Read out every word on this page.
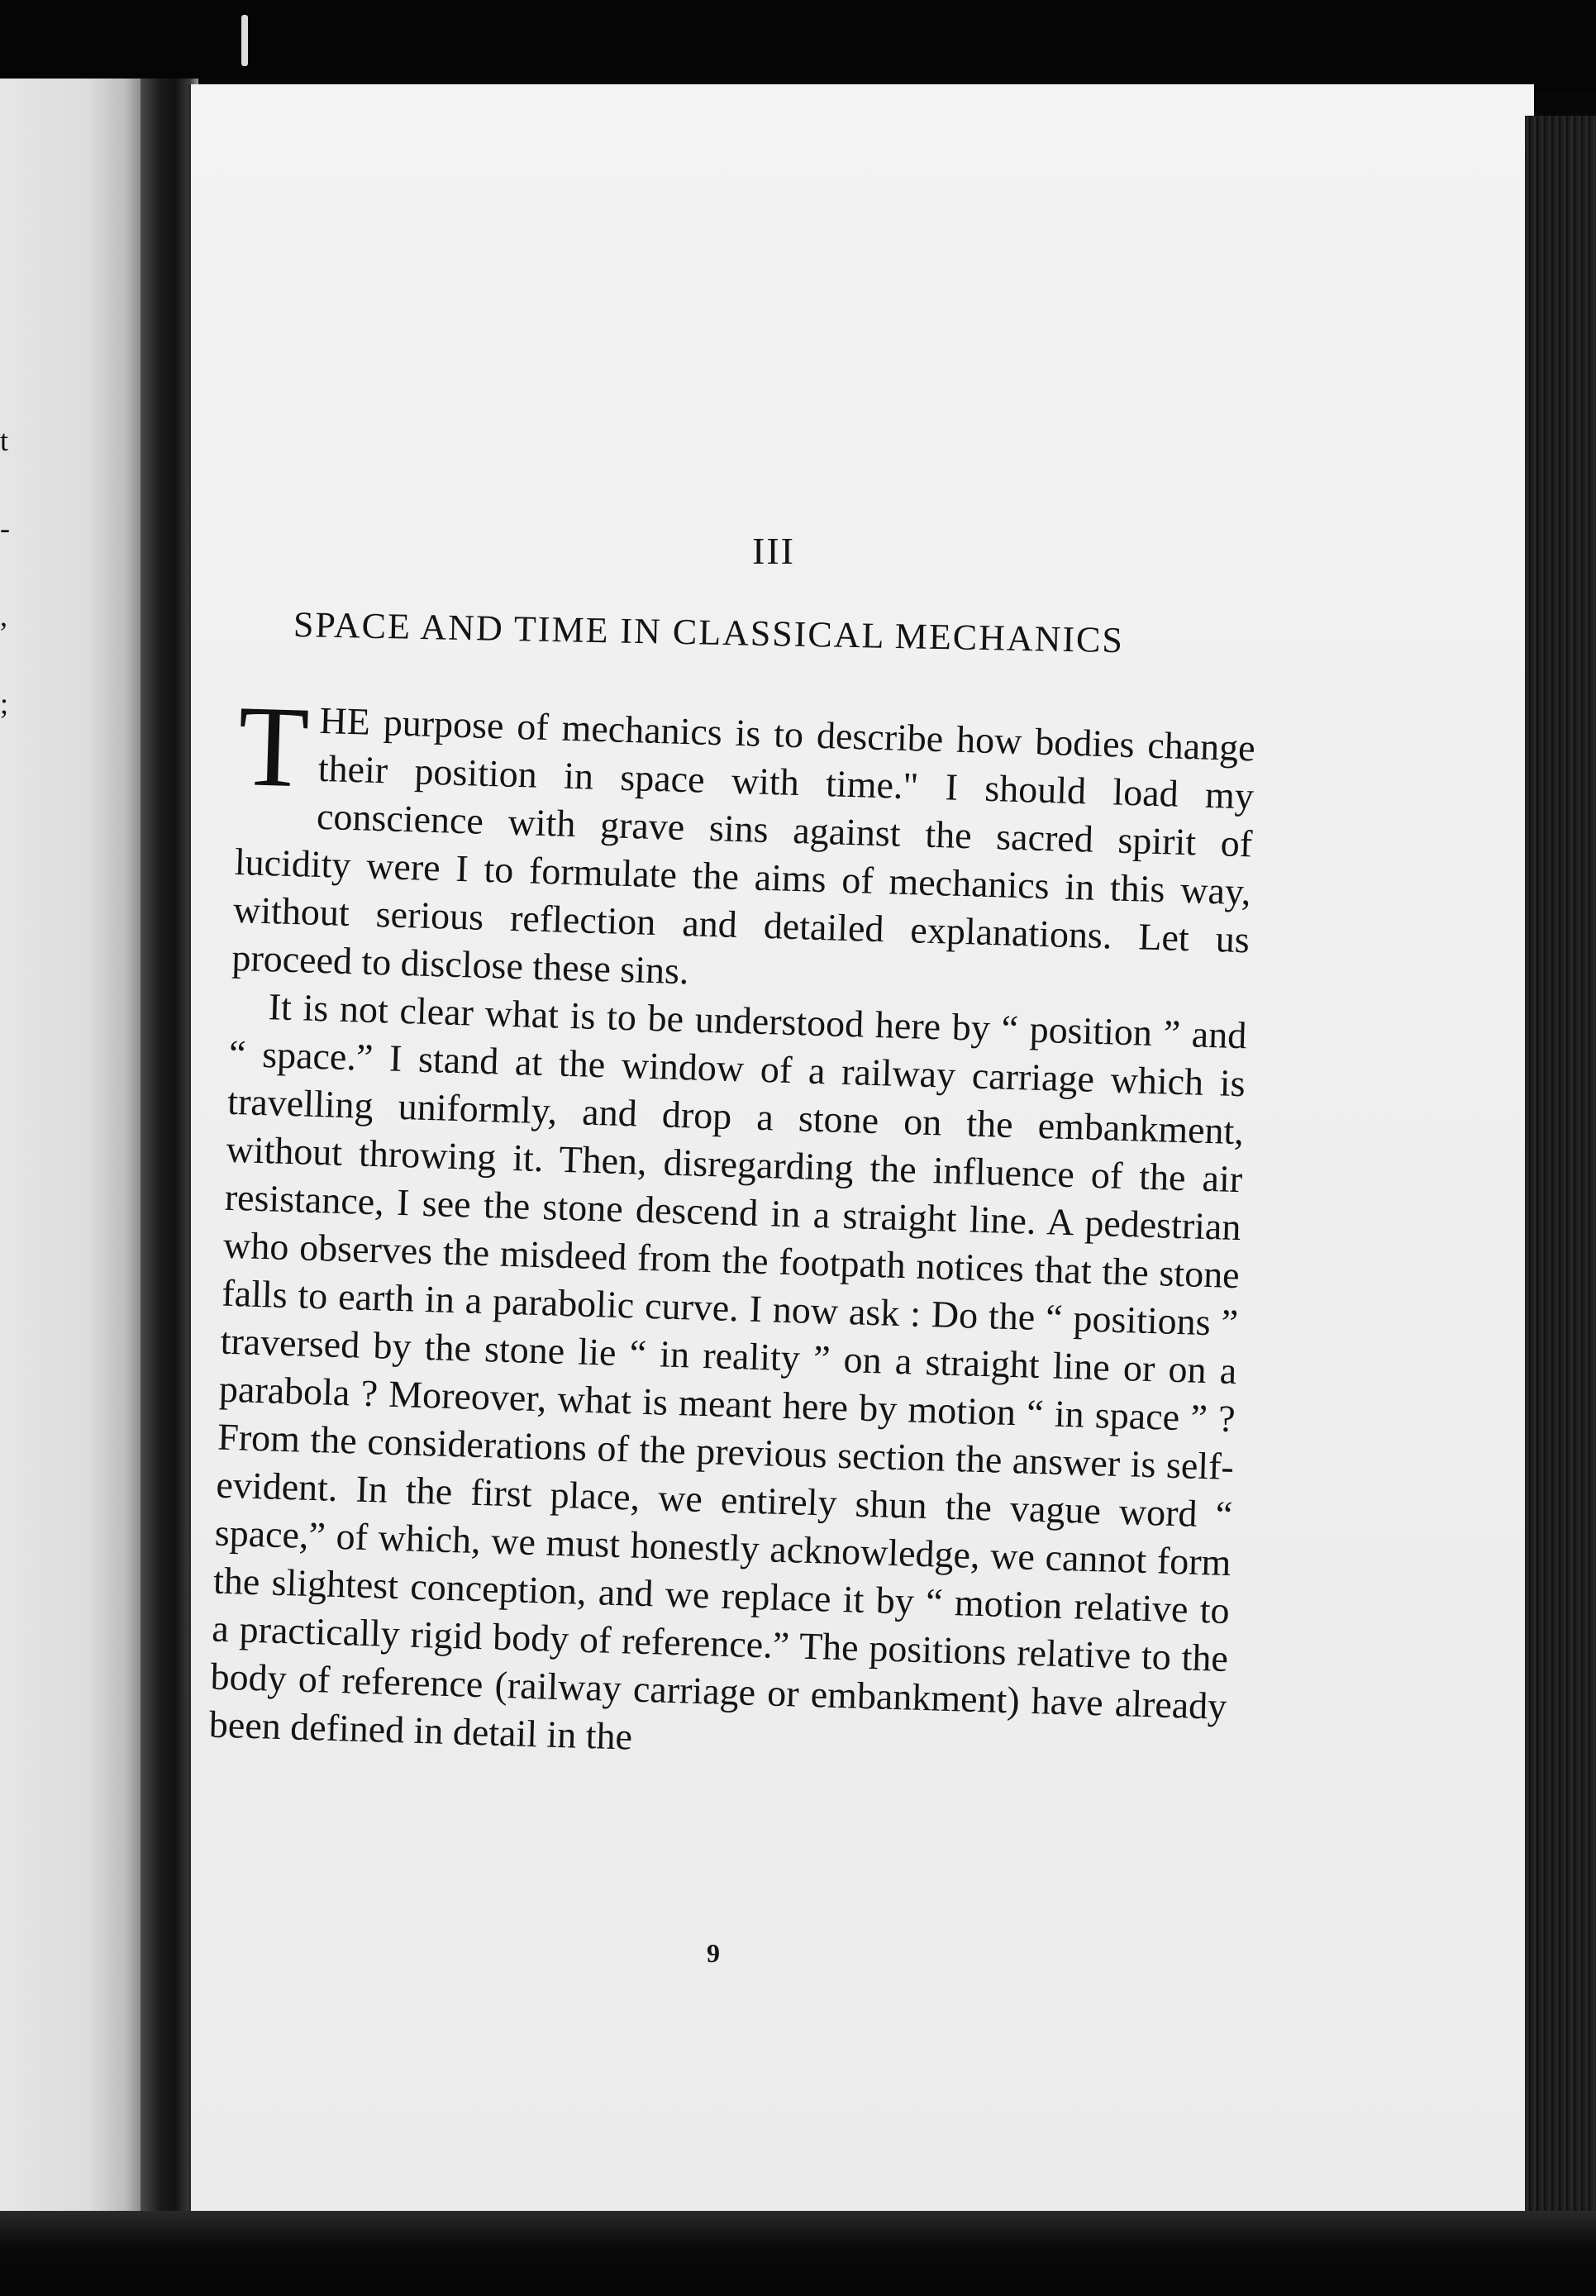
t
-
,
;
III
SPACE AND TIME IN CLASSICAL MECHANICS

THE purpose of mechanics is to describe how bodies change their position in space with time." I should load my conscience with grave sins against the sacred spirit of lucidity were I to formulate the aims of mechanics in this way, without serious reflection and detailed explanations. Let us proceed to disclose these sins.

It is not clear what is to be understood here by “ position ” and “ space.” I stand at the window of a railway carriage which is travelling uniformly, and drop a stone on the embankment, without throwing it. Then, disregarding the influence of the air resistance, I see the stone descend in a straight line. A pedestrian who observes the misdeed from the footpath notices that the stone falls to earth in a parabolic curve. I now ask : Do the “ positions ” traversed by the stone lie “ in reality ” on a straight line or on a parabola ? Moreover, what is meant here by motion “ in space ” ? From the considerations of the previous section the answer is self-evident. In the first place, we entirely shun the vague word “ space,” of which, we must honestly acknowledge, we cannot form the slightest conception, and we replace it by “ motion relative to a practically rigid body of reference.” The positions relative to the body of reference (railway carriage or embankment) have already been defined in detail in the

9
